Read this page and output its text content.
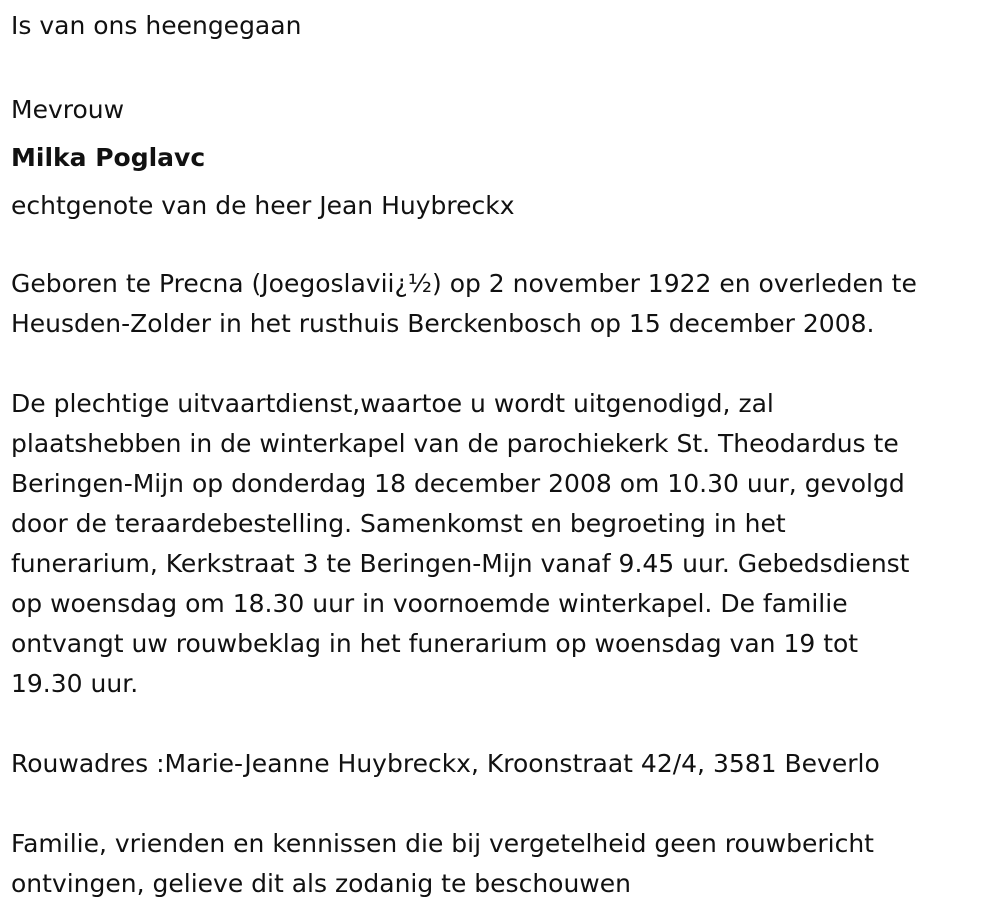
Is van ons heengegaan

Mevrouw

Milka Poglavc

echtgenote van de heer Jean Huybreckx

Geboren te Precna (Joegoslavii¿½) op 2 november 1922 en overleden te

Heusden-Zolder in het rusthuis Berckenbosch op 15 december 2008.

De plechtige uitvaartdienst,waartoe u wordt uitgenodigd, zal

plaatshebben in de winterkapel van de parochiekerk St. Theodardus te

Beringen-Mijn op donderdag 18 december 2008 om 10.30 uur, gevolgd

door de teraardebestelling. Samenkomst en begroeting in het

funerarium, Kerkstraat 3 te Beringen-Mijn vanaf 9.45 uur. Gebedsdienst

op woensdag om 18.30 uur in voornoemde winterkapel. De familie

ontvangt uw rouwbeklag in het funerarium op woensdag van 19 tot

19.30 uur.

Rouwadres :Marie-Jeanne Huybreckx, Kroonstraat 42/4, 3581 Beverlo

Familie, vrienden en kennissen die bij vergetelheid geen rouwbericht

ontvingen, gelieve dit als zodanig te beschouwen
